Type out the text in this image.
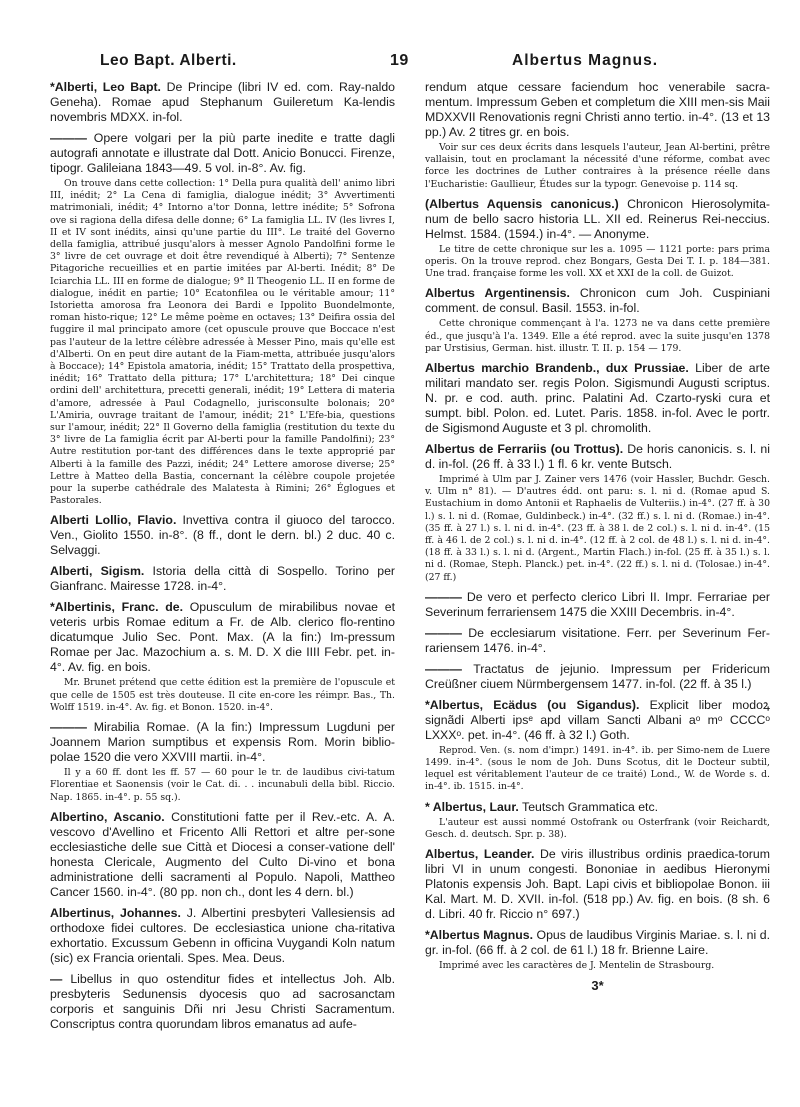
Leo Bapt. Alberti.	19	Albertus Magnus.
*Alberti, Leo Bapt. De Principe (libri IV ed. com. Ray-naldo Geneha). Romae apud Stephanum Guileretum Ka-lendis novembris MDXX. in-fol.
——— Opere volgari per la più parte inedite e tratte dagli autografi annotate e illustrate dal Dott. Anicio Bonucci. Firenze, tipogr. Galileiana 1843—49. 5 vol. in-8°. Av. fig.
On trouve dans cette collection: 1° Della pura qualità dell' animo libri III, inédit; 2° La Cena di famiglia, dialogue inédit; 3° Avvertimenti matrimoniali, inédit; 4° Intorno a'tor Donna, lettre inédite; 5° Sofrona ove si ragiona della difesa delle donne; 6° La famiglia LL. IV (les livres I, II et IV sont inédits, ainsi qu'une partie du III°. Le traité del Governo della famiglia, attribué jusqu'alors à messer Agnolo Pandolfini forme le 3° livre de cet ouvrage et doit être revendiqué à Alberti); 7° Sentenze Pitagoriche recueillies et en partie imitées par Al-berti. Inédit; 8° De Iciarchia LL. III en forme de dialogue; 9° Il Theogenio LL. II en forme de dialogue, inédit en partie; 10° Ecatonfilea ou le véritable amour; 11° Istorietta amorosa fra Leonora dei Bardi e Ippolito Buondelmonte, roman histo-rique; 12° Le même poème en octaves; 13° Deifira ossia del fuggire il mal principato amore (cet opuscule prouve que Boccace n'est pas l'auteur de la lettre célèbre adressée à Messer Pino, mais qu'elle est d'Alberti. On en peut dire autant de la Fiam-metta, attribuée jusqu'alors à Boccace); 14° Epistola amatoria, inédit; 15° Trattato della prospettiva, inédit; 16° Trattato della pittura; 17° L'architettura; 18° Dei cinque ordini dell' architettura, precetti generali, inédit; 19° Lettera di materia d'amore, adressée à Paul Codagnello, jurisconsulte bolonais; 20° L'Amiria, ouvrage traitant de l'amour, inédit; 21° L'Efe-bia, questions sur l'amour, inédit; 22° Il Governo della famiglia (restitution du texte du 3° livre de La famiglia écrit par Al-berti pour la famille Pandolfini); 23° Autre restitution por-tant des différences dans le texte approprié par Alberti à la famille des Pazzi, inédit; 24° Lettere amorose diverse; 25° Lettre à Matteo della Bastia, concernant la célèbre coupole projetée pour la superbe cathédrale des Malatesta à Rimini; 26° Églogues et Pastorales.
Alberti Lollio, Flavio. Invettiva contra il giuoco del tarocco. Ven., Giolito 1550. in-8°. (8 ff., dont le dern. bl.) 2 duc. 40 c. Selvaggi.
Alberti, Sigism. Istoria della città di Sospello. Torino per Gianfranc. Mairesse 1728. in-4°.
*Albertinis, Franc. de. Opusculum de mirabilibus novae et veteris urbis Romae editum a Fr. de Alb. clerico flo-rentino dicatumque Julio Sec. Pont. Max. (A la fin:) Im-pressum Romae per Jac. Mazochium a. s. M. D. X die IIII Febr. pet. in-4°. Av. fig. en bois.
Mr. Brunet prétend que cette édition est la première de l'opuscule et que celle de 1505 est très douteuse. Il cite en-core les réimpr. Bas., Th. Wolff 1519. in-4°. Av. fig. et Bonon. 1520. in-4°.
——— Mirabilia Romae. (A la fin:) Impressum Lugduni per Joannem Marion sumptibus et expensis Rom. Morin biblio-polae 1520 die vero XXVIII martii. in-4°.
Il y a 60 ff. dont les ff. 57 — 60 pour le tr. de laudibus civi-tatum Florentiae et Saonensis (voir le Cat. di. . . incunabuli della bibl. Riccio. Nap. 1865. in-4°. p. 55 sq.).
Albertino, Ascanio. Constitutioni fatte per il Rev.-etc. A. A. vescovo d'Avellino et Fricento Alli Rettori et altre per-sone ecclesiastiche delle sue Città et Diocesi a conser-vatione dell' honesta Clericale, Augmento del Culto Di-vino et bona administratione delli sacramenti al Populo. Napoli, Mattheo Cancer 1560. in-4°. (80 pp. non ch., dont les 4 dern. bl.)
Albertinus, Johannes. J. Albertini presbyteri Vallesiensis ad orthodoxe fidei cultores. De ecclesiastica unione cha-ritativa exhortatio. Excussum Gebenn in officina Vuygandi Koln natum (sic) ex Francia orientali. Spes. Mea. Deus.
— Libellus in quo ostenditur fides et intellectus Joh. Alb. presbyteris Sedunensis dyocesis quo ad sacrosanctam corporis et sanguinis Dñi nri Jesu Christi Sacramentum. Conscriptus contra quorundam libros emanatus ad aufe-
rendum atque cessare faciendum hoc venerabile sacra-mentum. Impressum Geben et completum die XIII men-sis Maii MDXXVII Renovationis regni Christi anno tertio. in-4°. (13 et 13 pp.) Av. 2 titres gr. en bois.
Voir sur ces deux écrits dans lesquels l'auteur, Jean Al-bertini, prêtre vallaisin, tout en proclamant la nécessité d'une réforme, combat avec force les doctrines de Luther contraires à la présence réelle dans l'Eucharistie: Gaullieur, Études sur la typogr. Genevoise p. 114 sq.
(Albertus Aquensis canonicus.) Chronicon Hierosolymita-num de bello sacro historia LL. XII ed. Reinerus Rei-neccius. Helmst. 1584. (1594.) in-4°. — Anonyme.
Le titre de cette chronique sur les a. 1095 — 1121 porte: pars prima operis. On la trouve reprod. chez Bongars, Gesta Dei T. I. p. 184—381. Une trad. française forme les voll. XX et XXI de la coll. de Guizot.
Albertus Argentinensis. Chronicon cum Joh. Cuspiniani comment. de consul. Basil. 1553. in-fol.
Cette chronique commençant à l'a. 1273 ne va dans cette première éd., que jusqu'à l'a. 1349. Elle a été reprod. avec la suite jusqu'en 1378 par Urstisius, German. hist. illustr. T. II. p. 154 — 179.
Albertus marchio Brandenb., dux Prussiae. Liber de arte militari mandato ser. regis Polon. Sigismundi Augusti scriptus. N. pr. e cod. auth. princ. Palatini Ad. Czarto-ryski cura et sumpt. bibl. Polon. ed. Lutet. Paris. 1858. in-fol. Avec le portr. de Sigismond Auguste et 3 pl. chromolith.
Albertus de Ferrariis (ou Trottus). De horis canonicis. s. l. ni d. in-fol. (26 ff. à 33 l.) 1 fl. 6 kr. vente Butsch.
Imprimé à Ulm par J. Zainer vers 1476 (voir Hassler, Buchdr. Gesch. v. Ulm n° 81). — D'autres édd. ont paru: s. l. ni d. (Romae apud S. Eustachium in domo Antonii et Raphaelis de Vulteriis.) in-4°. (27 ff. à 30 l.) s. l. ni d. (Romae, Guldinbeck.) in-4°. (32 ff.) s. l. ni d. (Romae.) in-4°. (35 ff. à 27 l.) s. l. ni d. in-4°. (23 ff. à 38 l. de 2 col.) s. l. ni d. in-4°. (15 ff. à 46 l. de 2 col.) s. l. ni d. in-4°. (12 ff. à 2 col. de 48 l.) s. l. ni d. in-4°. (18 ff. à 33 l.) s. l. ni d. (Argent., Martin Flach.) in-fol. (25 ff. à 35 l.) s. l. ni d. (Romae, Steph. Planck.) pet. in-4°. (22 ff.) s. l. ni d. (Tolosae.) in-4°. (27 ff.)
——— De vero et perfecto clerico Libri II. Impr. Ferrariae per Severinum ferrariensem 1475 die XXIII Decembris. in-4°.
——— De ecclesiarum visitatione. Ferr. per Severinum Fer-rariensem 1476. in-4°.
——— Tractatus de jejunio. Impressum per Fridericum Creüßner ciuem Nürmbergensem 1477. in-fol. (22 ff. à 35 l.)
*Albertus, Ecädus (ou Sigandus). Explicit liber modoꝝ signãdi Alberti ipsᵉ apd villam Sancti Albani aᵒ mᵒ CCCCᵒ LXXXᵒ. pet. in-4°. (46 ff. à 32 l.) Goth.
Reprod. Ven. (s. nom d'impr.) 1491. in-4°. ib. per Simo-nem de Luere 1499. in-4°. (sous le nom de Joh. Duns Scotus, dit le Docteur subtil, lequel est véritablement l'auteur de ce traité) Lond., W. de Worde s. d. in-4°. ib. 1515. in-4°.
* Albertus, Laur. Teutsch Grammatica etc.
L'auteur est aussi nommé Ostofrank ou Osterfrank (voir Reichardt, Gesch. d. deutsch. Spr. p. 38).
Albertus, Leander. De viris illustribus ordinis praedica-torum libri VI in unum congesti. Bononiae in aedibus Hieronymi Platonis expensis Joh. Bapt. Lapi civis et bibliopolae Bonon. iii Kal. Mart. M. D. XVII. in-fol. (518 pp.) Av. fig. en bois. (8 sh. 6 d. Libri. 40 fr. Riccio n° 697.)
*Albertus Magnus. Opus de laudibus Virginis Mariae. s. l. ni d. gr. in-fol. (66 ff. à 2 col. de 61 l.) 18 fr. Brienne Laire.
Imprimé avec les caractères de J. Mentelin de Strasbourg.
3*
